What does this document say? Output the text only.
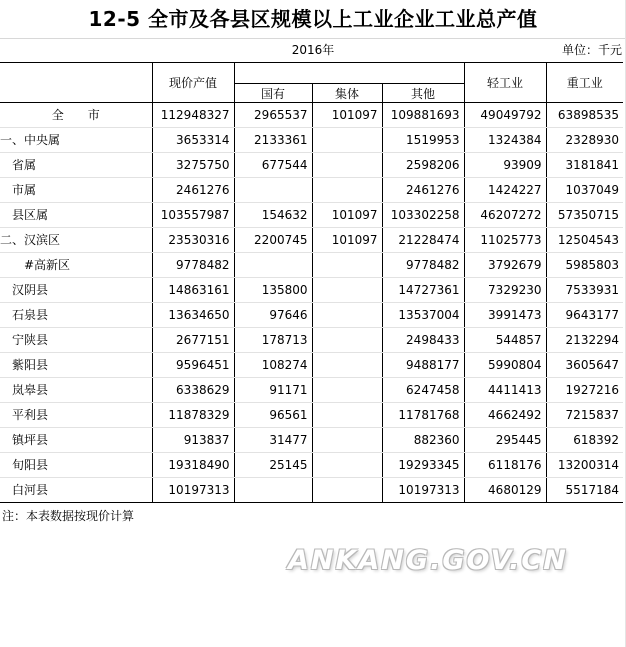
12-5 全市及各县区规模以上工业企业工业总产值
2016年	单位：千元
	现价产值				轻工业	重工业
		国有	集体	其他		
全　　市	112948327	2965537	101097	109881693	49049792	63898535
一、中央属	3653314	2133361		1519953	1324384	2328930
　省属	3275750	677544		2598206	93909	3181841
　市属	2461276			2461276	1424227	1037049
　县区属	103557987	154632	101097	103302258	46207272	57350715
二、汉滨区	23530316	2200745	101097	21228474	11025773	12504543
　　#高新区	9778482			9778482	3792679	5985803
　汉阴县	14863161	135800		14727361	7329230	7533931
　石泉县	13634650	97646		13537004	3991473	9643177
　宁陕县	2677151	178713		2498433	544857	2132294
　紫阳县	9596451	108274		9488177	5990804	3605647
　岚皋县	6338629	91171		6247458	4411413	1927216
　平利县	11878329	96561		11781768	4662492	7215837
　镇坪县	913837	31477		882360	295445	618392
　旬阳县	19318490	25145		19293345	6118176	13200314
　白河县	10197313			10197313	4680129	5517184
注：本表数据按现价计算
ANKANG.GOV.CN
